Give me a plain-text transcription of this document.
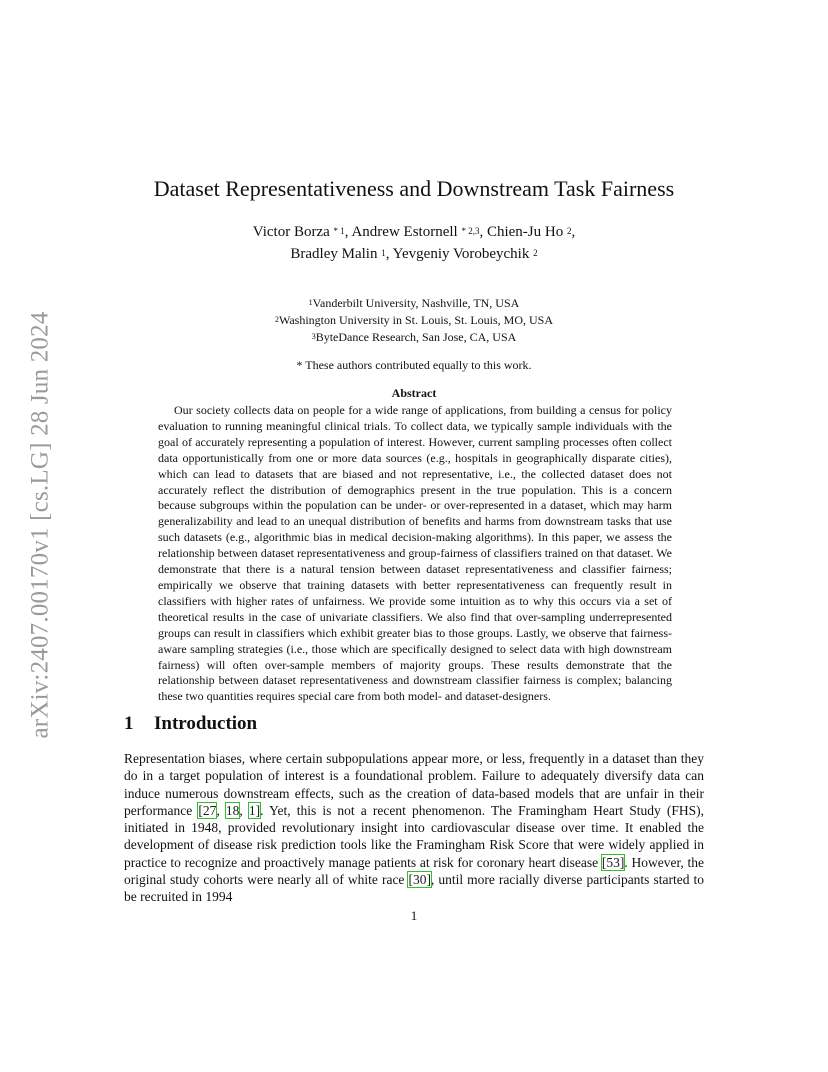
arXiv:2407.00170v1 [cs.LG] 28 Jun 2024
Dataset Representativeness and Downstream Task Fairness
Victor Borza $^{* 1}$, Andrew Estornell $^{* 2,3}$, Chien-Ju Ho $^2$,
Bradley Malin $^1$, Yevgeniy Vorobeychik $^2$
$^1$Vanderbilt University, Nashville, TN, USA
$^2$Washington University in St. Louis, St. Louis, MO, USA
$^3$ByteDance Research, San Jose, CA, USA
* These authors contributed equally to this work.
Abstract

Our society collects data on people for a wide range of applications, from building a census for policy evaluation to running meaningful clinical trials. To collect data, we typically sample individuals with the goal of accurately representing a population of interest. However, current sampling processes often collect data opportunistically from one or more data sources (e.g., hospitals in geographically disparate cities), which can lead to datasets that are biased and not representative, i.e., the collected dataset does not accurately reflect the distribution of demographics present in the true population. This is a concern because subgroups within the population can be under- or over-represented in a dataset, which may harm generalizability and lead to an unequal distribution of benefits and harms from downstream tasks that use such datasets (e.g., algorithmic bias in medical decision-making algorithms). In this paper, we assess the relationship between dataset representativeness and group-fairness of classifiers trained on that dataset. We demonstrate that there is a natural tension between dataset representativeness and classifier fairness; empirically we observe that training datasets with better representativeness can frequently result in classifiers with higher rates of unfairness. We provide some intuition as to why this occurs via a set of theoretical results in the case of univariate classifiers. We also find that over-sampling underrepresented groups can result in classifiers which exhibit greater bias to those groups. Lastly, we observe that fairness-aware sampling strategies (i.e., those which are specifically designed to select data with high downstream fairness) will often over-sample members of majority groups. These results demonstrate that the relationship between dataset representativeness and downstream classifier fairness is complex; balancing these two quantities requires special care from both model- and dataset-designers.

1 Introduction

Representation biases, where certain subpopulations appear more, or less, frequently in a dataset than they do in a target population of interest is a foundational problem. Failure to adequately diversify data can induce numerous downstream effects, such as the creation of data-based models that are unfair in their performance [27, 18, 1]. Yet, this is not a recent phenomenon. The Framingham Heart Study (FHS), initiated in 1948, provided revolutionary insight into cardiovascular disease over time. It enabled the development of disease risk prediction tools like the Framingham Risk Score that were widely applied in practice to recognize and proactively manage patients at risk for coronary heart disease [53]. However, the original study cohorts were nearly all of white race [30], until more racially diverse participants started to be recruited in 1994

1
